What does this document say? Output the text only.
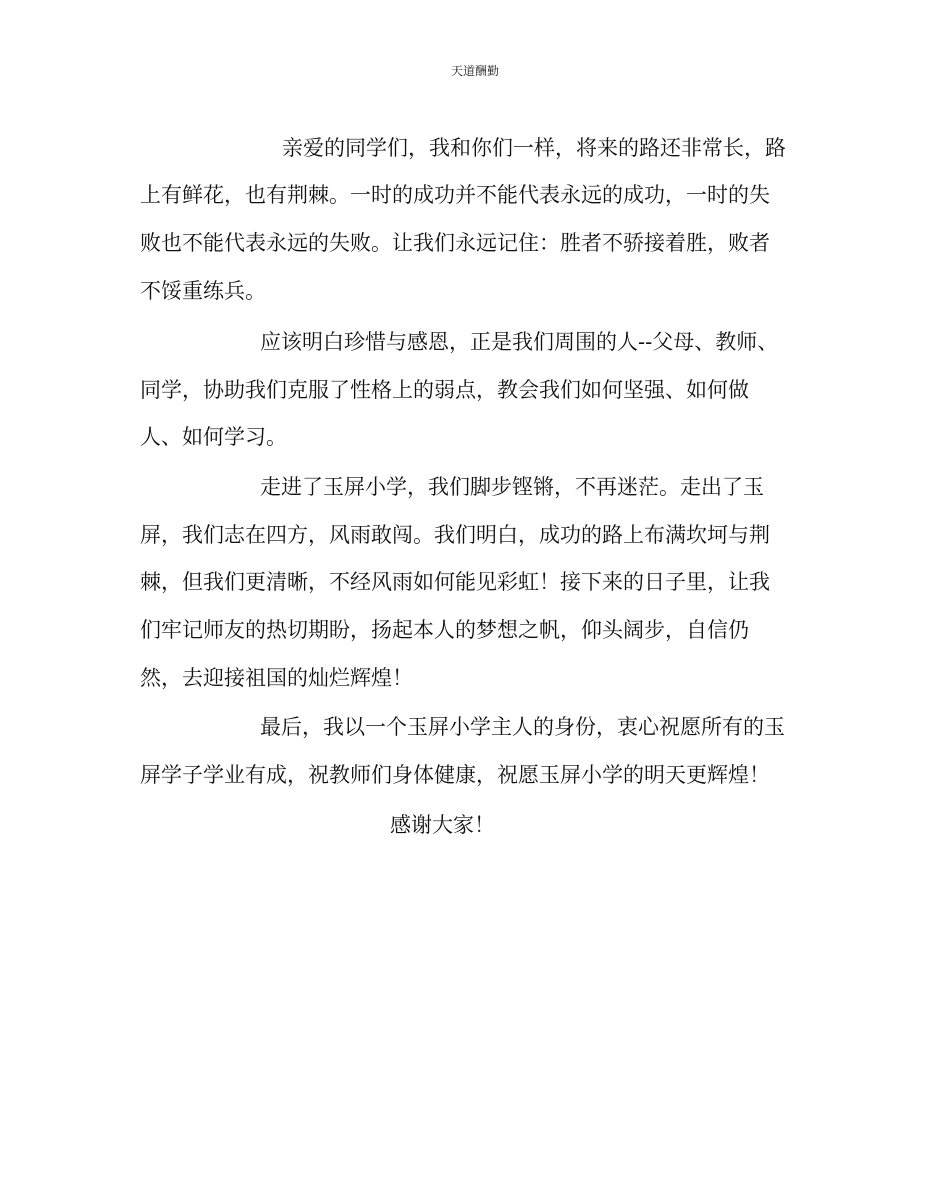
天道酬勤
亲爱的同学们，我和你们一样，将来的路还非常长，路
上有鲜花，也有荆棘。一时的成功并不能代表永远的成功，一时的失
败也不能代表永远的失败。让我们永远记住：胜者不骄接着胜，败者
不馁重练兵。
应该明白珍惜与感恩，正是我们周围的人--父母、教师、
同学，协助我们克服了性格上的弱点，教会我们如何坚强、如何做
人、如何学习。
走进了玉屏小学，我们脚步铿锵，不再迷茫。走出了玉
屏，我们志在四方，风雨敢闯。我们明白，成功的路上布满坎坷与荆
棘，但我们更清晰，不经风雨如何能见彩虹！接下来的日子里，让我
们牢记师友的热切期盼，扬起本人的梦想之帆，仰头阔步，自信仍
然，去迎接祖国的灿烂辉煌！
最后，我以一个玉屏小学主人的身份，衷心祝愿所有的玉
屏学子学业有成，祝教师们身体健康，祝愿玉屏小学的明天更辉煌！
感谢大家！
